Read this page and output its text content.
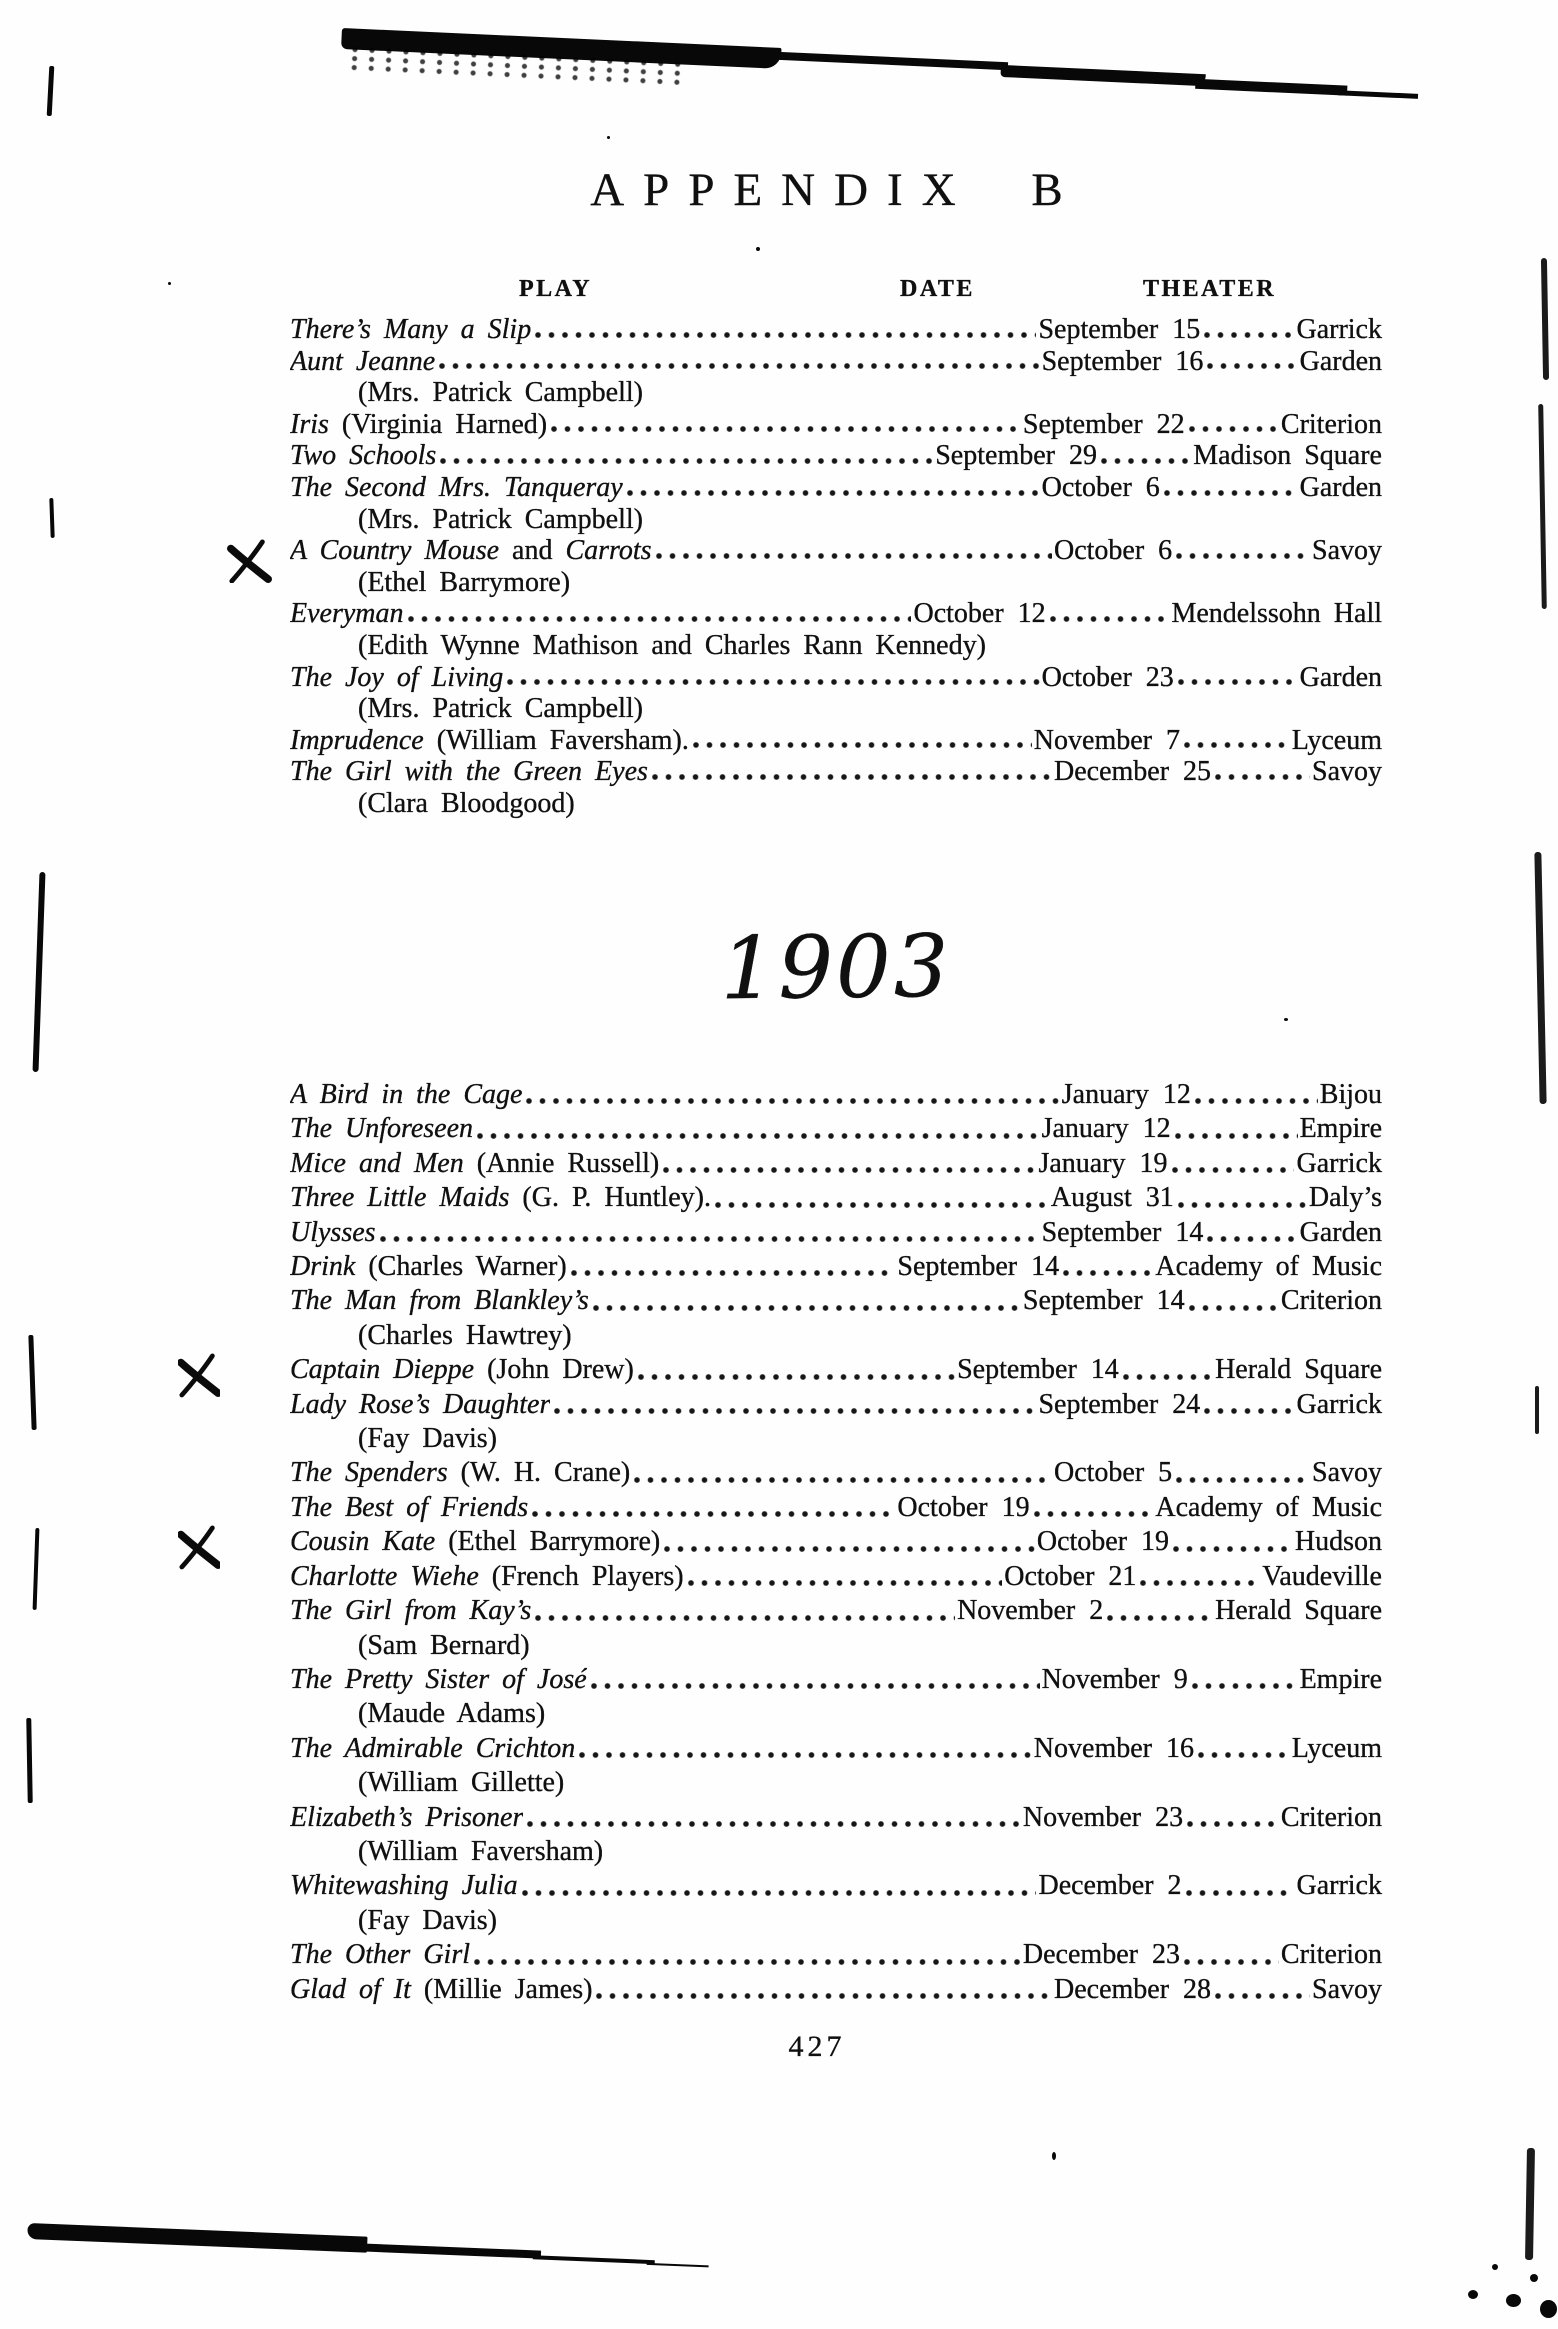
APPENDIX B
PLAY	DATE	THEATER
There’s Many a Slip	September 15	Garrick
Aunt Jeanne	September 16	Garden
(Mrs. Patrick Campbell)
Iris (Virginia Harned)	September 22	Criterion
Two Schools	September 29	Madison Square
The Second Mrs. Tanqueray	October 6	Garden
(Mrs. Patrick Campbell)
A Country Mouse and Carrots	October 6	Savoy
(Ethel Barrymore)
Everyman	October 12	Mendelssohn Hall
(Edith Wynne Mathison and Charles Rann Kennedy)
The Joy of Living	October 23	Garden
(Mrs. Patrick Campbell)
Imprudence (William Faversham).	November 7	Lyceum
The Girl with the Green Eyes	December 25	Savoy
(Clara Bloodgood)
1903
A Bird in the Cage	January 12	Bijou
The Unforeseen	January 12	Empire
Mice and Men (Annie Russell)	January 19	Garrick
Three Little Maids (G. P. Huntley).	August 31	Daly’s
Ulysses	September 14	Garden
Drink (Charles Warner)	September 14	Academy of Music
The Man from Blankley’s	September 14	Criterion
(Charles Hawtrey)
Captain Dieppe (John Drew)	September 14	Herald Square
Lady Rose’s Daughter	September 24	Garrick
(Fay Davis)
The Spenders (W. H. Crane)	October 5	Savoy
The Best of Friends	October 19	Academy of Music
Cousin Kate (Ethel Barrymore)	October 19	Hudson
Charlotte Wiehe (French Players)	October 21	Vaudeville
The Girl from Kay’s	November 2	Herald Square
(Sam Bernard)
The Pretty Sister of José	November 9	Empire
(Maude Adams)
The Admirable Crichton	November 16	Lyceum
(William Gillette)
Elizabeth’s Prisoner	November 23	Criterion
(William Faversham)
Whitewashing Julia	December 2	Garrick
(Fay Davis)
The Other Girl	December 23	Criterion
Glad of It (Millie James)	December 28	Savoy
427
